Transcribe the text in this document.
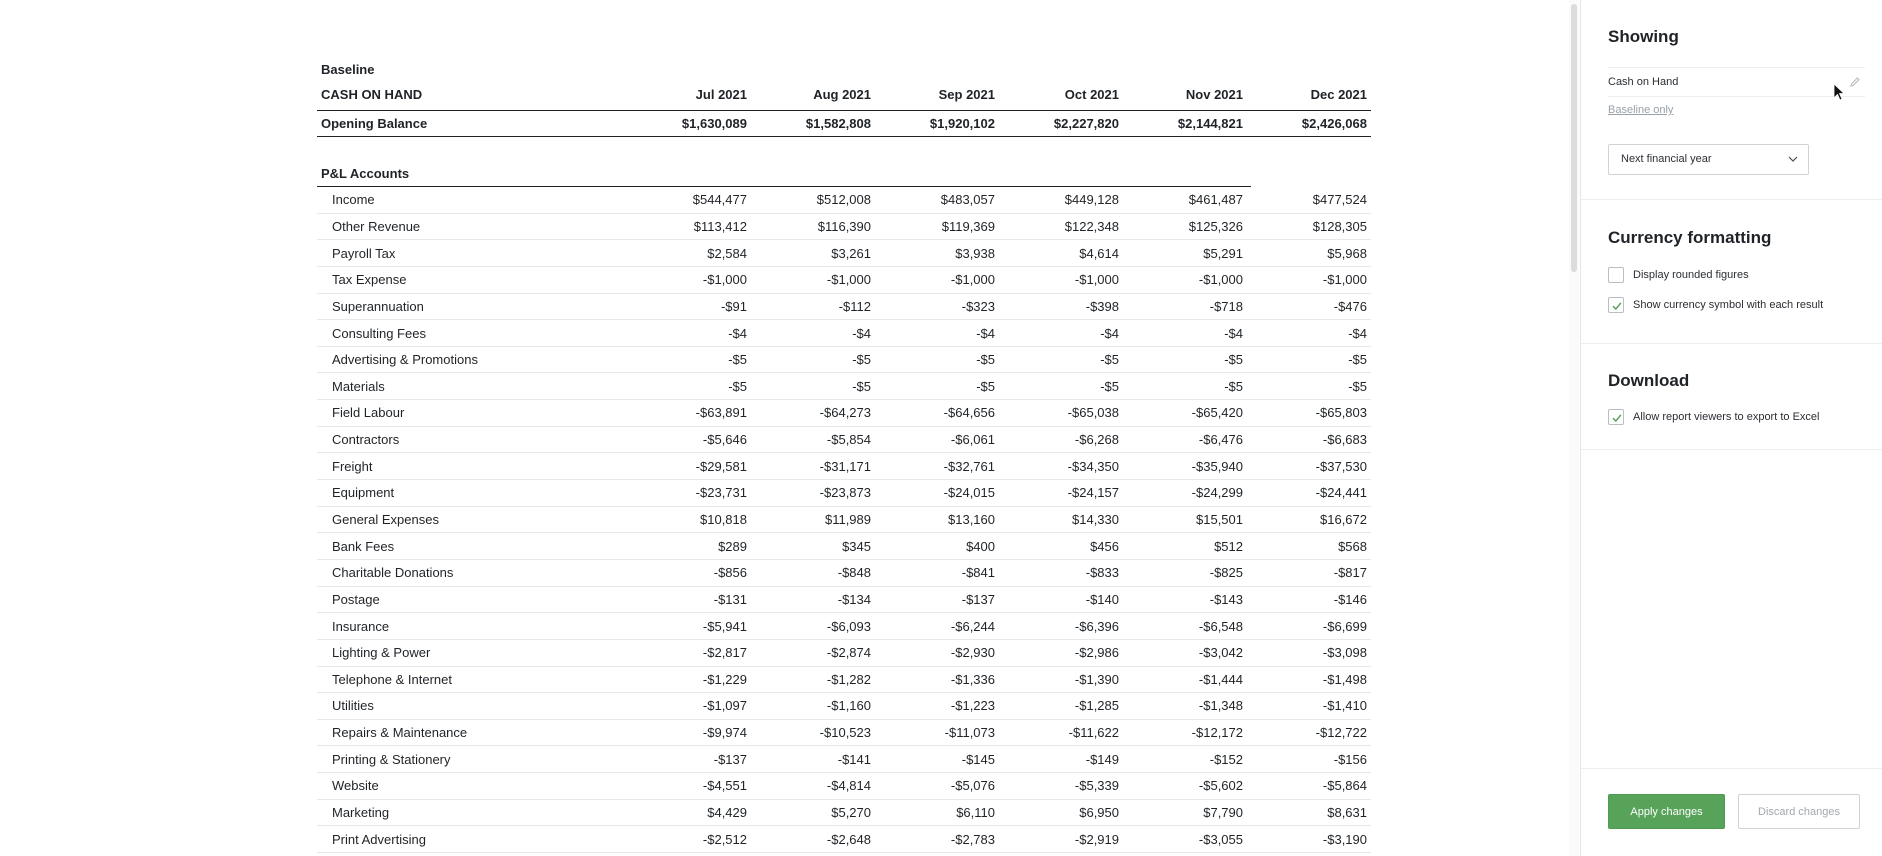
Baseline
CASH ON HAND	Jul 2021	Aug 2021	Sep 2021	Oct 2021	Nov 2021	Dec 2021
Opening Balance	$1,630,089	$1,582,808	$1,920,102	$2,227,820	$2,144,821	$2,426,068
P&L Accounts
Income	$544,477	$512,008	$483,057	$449,128	$461,487	$477,524
Other Revenue	$113,412	$116,390	$119,369	$122,348	$125,326	$128,305
Payroll Tax	$2,584	$3,261	$3,938	$4,614	$5,291	$5,968
Tax Expense	-$1,000	-$1,000	-$1,000	-$1,000	-$1,000	-$1,000
Superannuation	-$91	-$112	-$323	-$398	-$718	-$476
Consulting Fees	-$4	-$4	-$4	-$4	-$4	-$4
Advertising & Promotions	-$5	-$5	-$5	-$5	-$5	-$5
Materials	-$5	-$5	-$5	-$5	-$5	-$5
Field Labour	-$63,891	-$64,273	-$64,656	-$65,038	-$65,420	-$65,803
Contractors	-$5,646	-$5,854	-$6,061	-$6,268	-$6,476	-$6,683
Freight	-$29,581	-$31,171	-$32,761	-$34,350	-$35,940	-$37,530
Equipment	-$23,731	-$23,873	-$24,015	-$24,157	-$24,299	-$24,441
General Expenses	$10,818	$11,989	$13,160	$14,330	$15,501	$16,672
Bank Fees	$289	$345	$400	$456	$512	$568
Charitable Donations	-$856	-$848	-$841	-$833	-$825	-$817
Postage	-$131	-$134	-$137	-$140	-$143	-$146
Insurance	-$5,941	-$6,093	-$6,244	-$6,396	-$6,548	-$6,699
Lighting & Power	-$2,817	-$2,874	-$2,930	-$2,986	-$3,042	-$3,098
Telephone & Internet	-$1,229	-$1,282	-$1,336	-$1,390	-$1,444	-$1,498
Utilities	-$1,097	-$1,160	-$1,223	-$1,285	-$1,348	-$1,410
Repairs & Maintenance	-$9,974	-$10,523	-$11,073	-$11,622	-$12,172	-$12,722
Printing & Stationery	-$137	-$141	-$145	-$149	-$152	-$156
Website	-$4,551	-$4,814	-$5,076	-$5,339	-$5,602	-$5,864
Marketing	$4,429	$5,270	$6,110	$6,950	$7,790	$8,631
Print Advertising	-$2,512	-$2,648	-$2,783	-$2,919	-$3,055	-$3,190
Showing
Cash on Hand
Baseline only
Next financial year
Currency formatting
Display rounded figures
Show currency symbol with each result
Download
Allow report viewers to export to Excel
Apply changes	Discard changes
